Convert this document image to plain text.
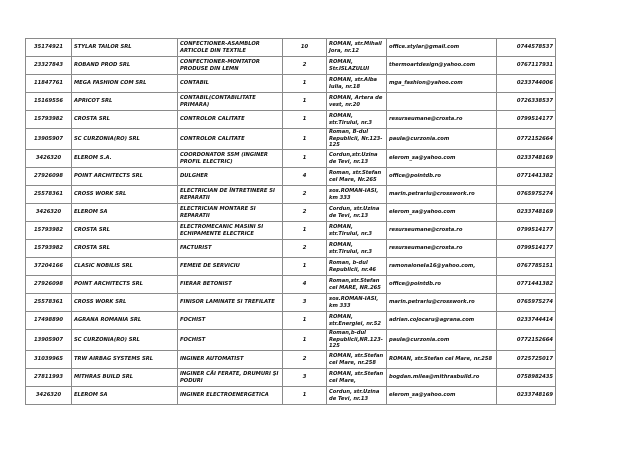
35174921	STYLAR TAILOR SRL	CONFECTIONER-ASAMBLOR ARTICOLE DIN TEXTILE	10	ROMAN, str.Mihail Jora, nr.12	office.stylar@gmail.com	0744578537
23327843	ROBAND PROD SRL	CONFECTIONER-MONTATOR PRODUSE DIN LEMN	2	ROMAN, Str.ISLAZULUI	thermoartdesign@yahoo.com	0767117931
11847761	MEGA FASHION COM SRL	CONTABIL	1	ROMAN, str.Alba Iulia, nr.18	mga_fashion@yahoo.com	0233744006
15169556	APRICOT SRL	CONTABIL(CONTABILITATE PRIMARA)	1	ROMAN, Artera de vest, nr.20		0726338537
15793982	CROSTA SRL	CONTROLOR CALITATE	1	ROMAN, str.Tirului, nr.3	resurseumane@crosta.ro	0799514177
13905907	SC CURZONIA(RO) SRL	CONTROLOR CALITATE	1	Roman, B-dul Republicii, Nr.123-125	paula@curzonia.com	0772152664
3426320	ELEROM S.A.	COORDONATOR SSM (INGINER PROFIL ELECTRIC)	1	Cordun,str.Uzina de Tevi, nr.13	elerom_sa@yahoo.com	0233748169
27926098	POINT ARCHITECTS SRL	DULGHER	4	Roman, str.Stefan cel Mare, Nr.265	office@pointdb.ro	0771441382
25578361	CROSS WORK SRL	ELECTRICIAN DE ÎNTRETINERE SI REPARATII	2	sos.ROMAN-IASI, km 333	marin.petrariu@crosswork.ro	0765975274
3426320	ELEROM SA	ELECTRICIAN MONTARE SI REPARATII	2	Cordun, str.Uzina de Tevi, nr.13	elerom_sa@yahoo.com	0233748169
15793982	CROSTA SRL	ELECTROMECANIC MASINI SI ECHIPAMENTE ELECTRICE	1	ROMAN, str.Tirului, nr.3	resurseumane@crosta.ro	0799514177
15793982	CROSTA SRL	FACTURIST	2	ROMAN, str.Tirului, nr.3	resurseumane@crosta.ro	0799514177
37204166	CLASIC NOBILIS SRL	FEMEIE DE SERVICIU	1	Roman, b-dul Republicii, nr.46	ramonaioneIa16@yahoo.com,	0767785151
27926098	POINT ARCHITECTS SRL	FIERAR BETONIST	4	Roman,str.Stefan cel MARE, NR.265	office@pointdb.ro	0771441382
25578361	CROSS WORK SRL	FINISOR LAMINATE SI TREFILATE	3	sos.ROMAN-IASI, km 333	marin.petrariu@crosswork.ro	0765975274
17498890	AGRANA ROMANIA SRL	FOCHIST	1	ROMAN, str.Energiei, nr.52	adrian.cojocaru@agrana.com	0233744414
13905907	SC CURZONIA(RO) SRL	FOCHIST	1	Roman,b-dul Republicii,NR.123-125	paula@curzonia.com	0772152664
31039965	TRW AIRBAG SYSTEMS SRL	INGINER AUTOMATIST	2	ROMAN, str.Stefan cel Mare, nr.258	ROMAN, str.Stefan cel Mare, nr.258	0725725017
27811993	MITHRAS BUILD SRL	INGINER CĂI FERATE, DRUMURI ŞI PODURI	3	ROMAN, str.Stefan cel Mare,	bogdan.milea@mithrasbuild.ro	0758982435
3426320	ELEROM SA	INGINER ELECTROENERGETICA	1	Cordun, str.Uzina de Tevi, nr.13	elerom_sa@yahoo.com	0233748169
